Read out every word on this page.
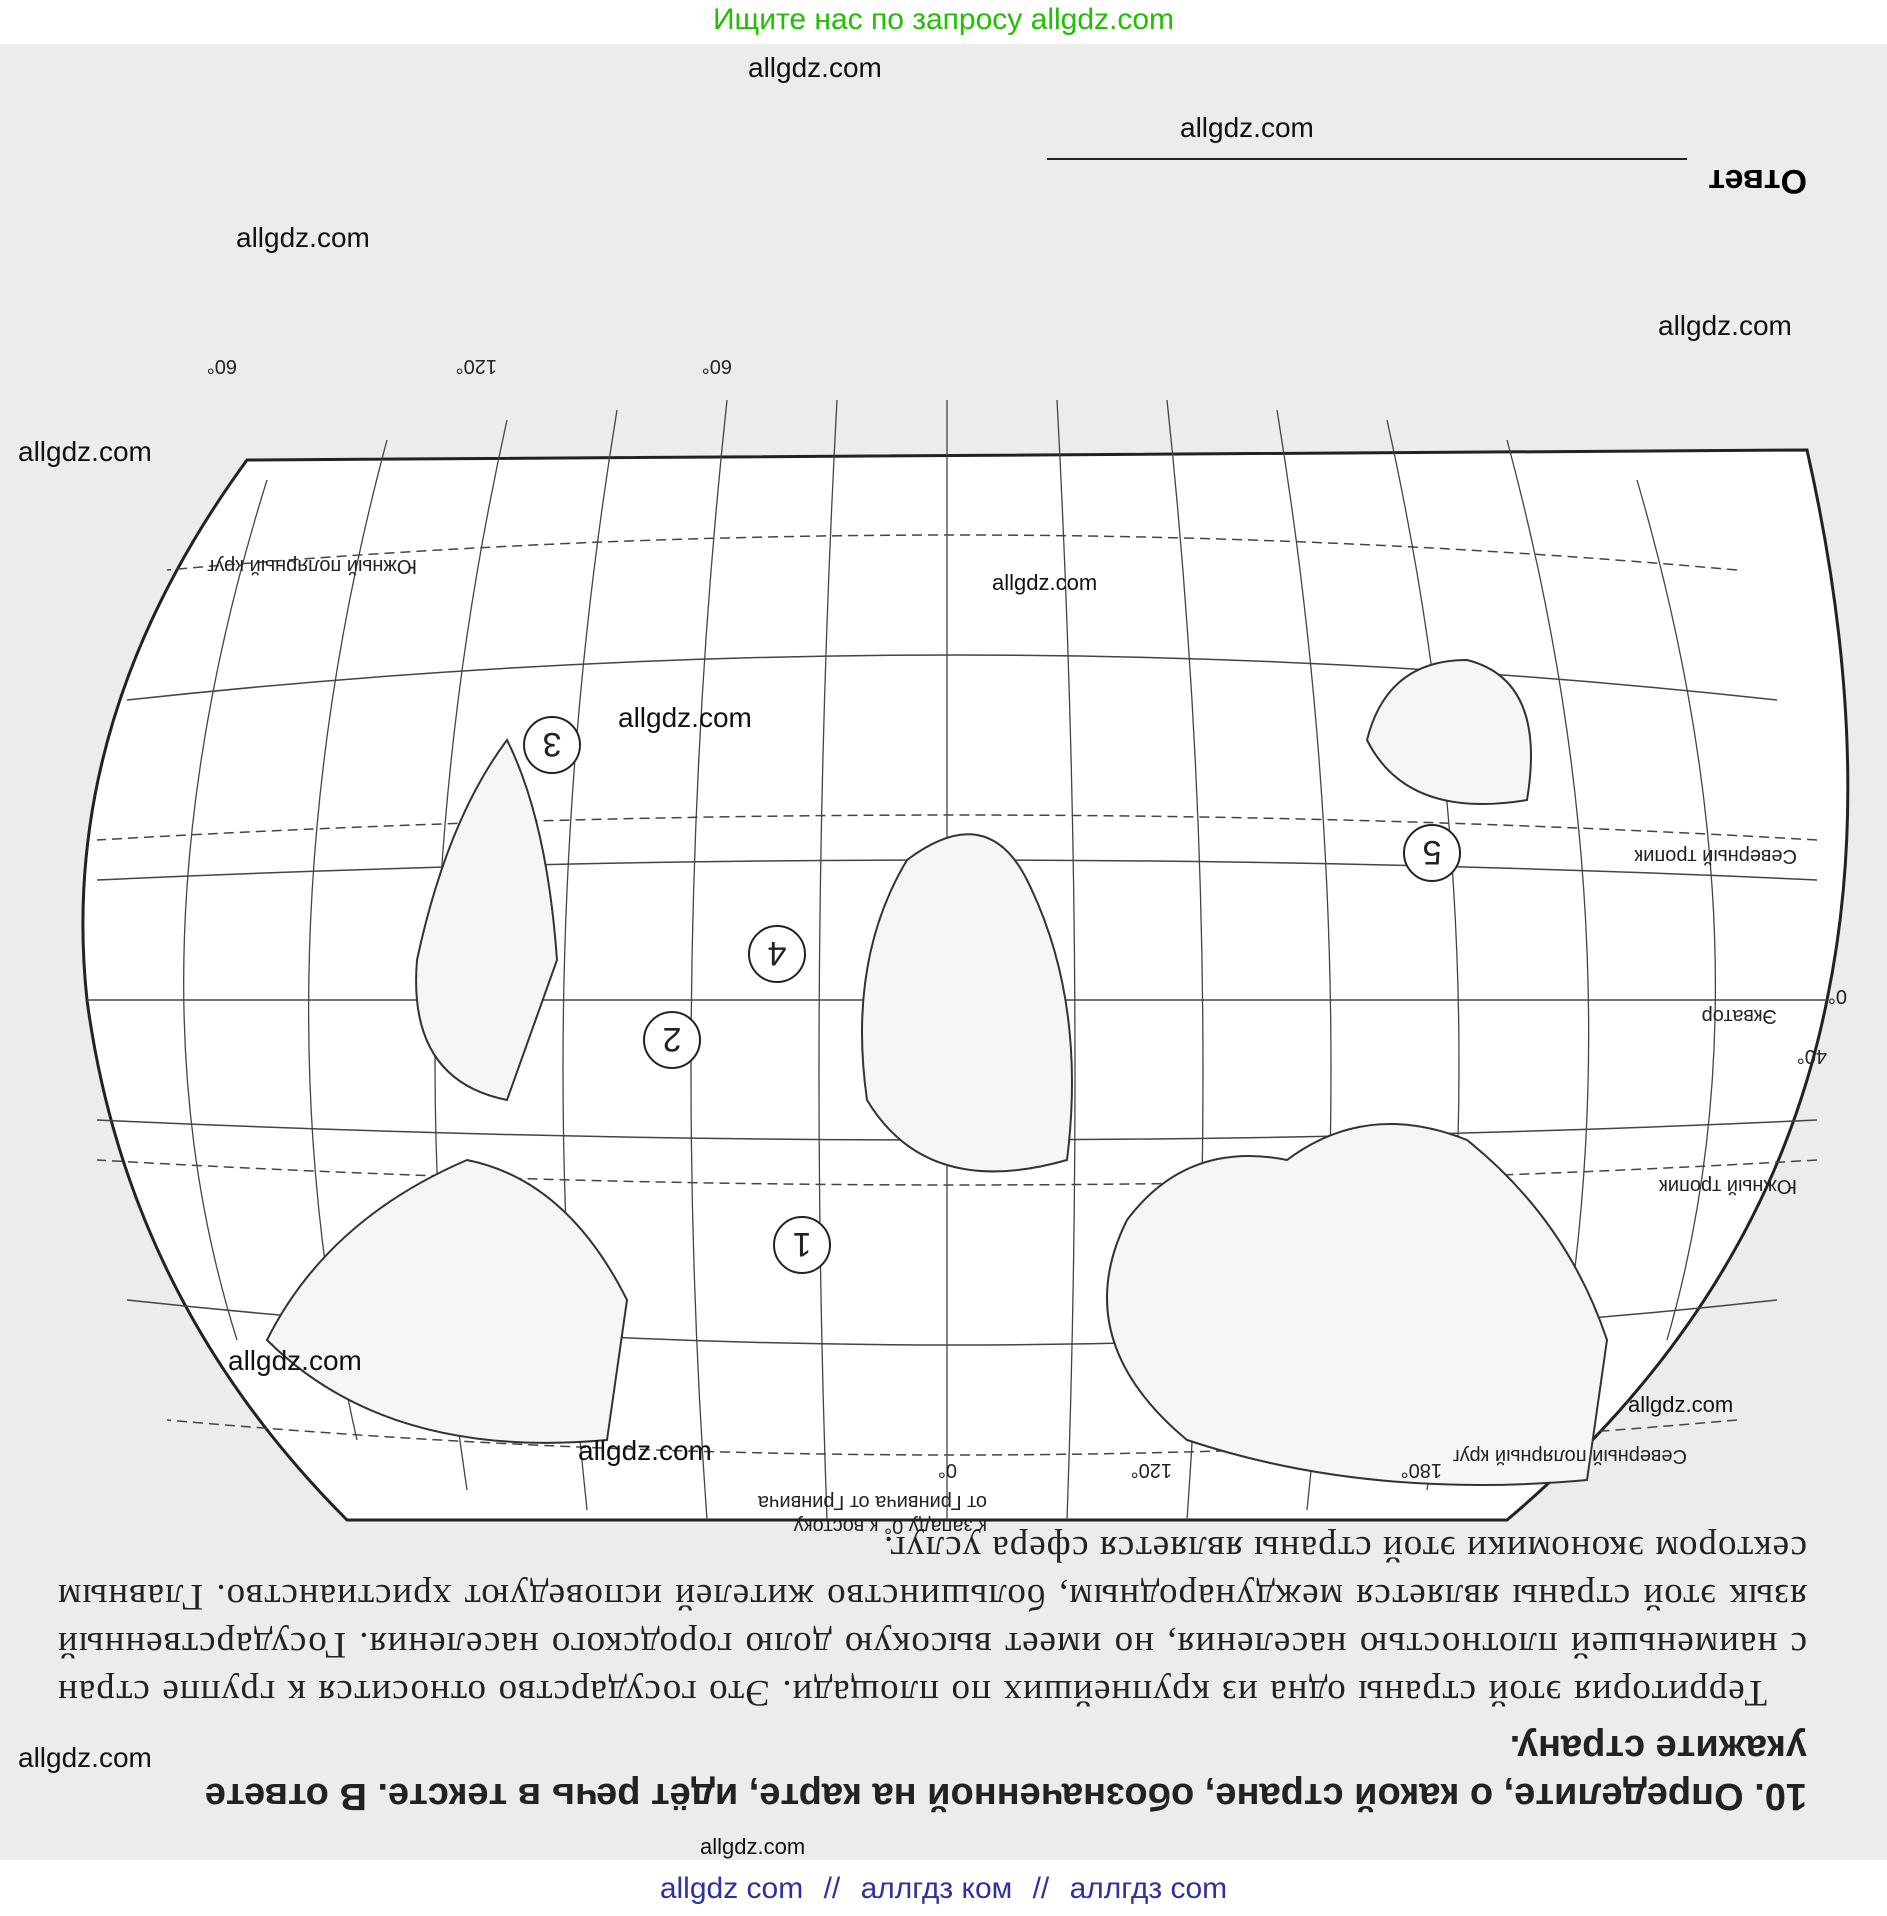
Ищите нас по запросу allgdz.com
10. Определите, о какой стране, обозначенной на карте, идёт речь в тексте. В ответе укажите страну.
Территория этой страны одна из крупнейших по площади. Это государство относится к группе стран с наименьшей плотностью населения, но имеет высокую долю городского населения. Государственный язык этой страны является международным, большинство жителей исповедуют христианство. Главным сектором экономики этой страны является сфера услуг.
1
2
3
4
5
Северный полярный круг
Южный полярный круг
Северный тропик
Южный тропик
Экватор
к западу 0° к востоку
от Гринвича от Гринвича
180°
120°
0°
60°
120°
60°
40°
0°
Ответ
allgdz.com
allgdz.com
allgdz.com
allgdz.com
allgdz.com
allgdz.com
allgdz.com
allgdz.com
allgdz.com
allgdz.com
allgdz.com
allgdz.com
allgdz com // аллгдз ком // аллгдз com
